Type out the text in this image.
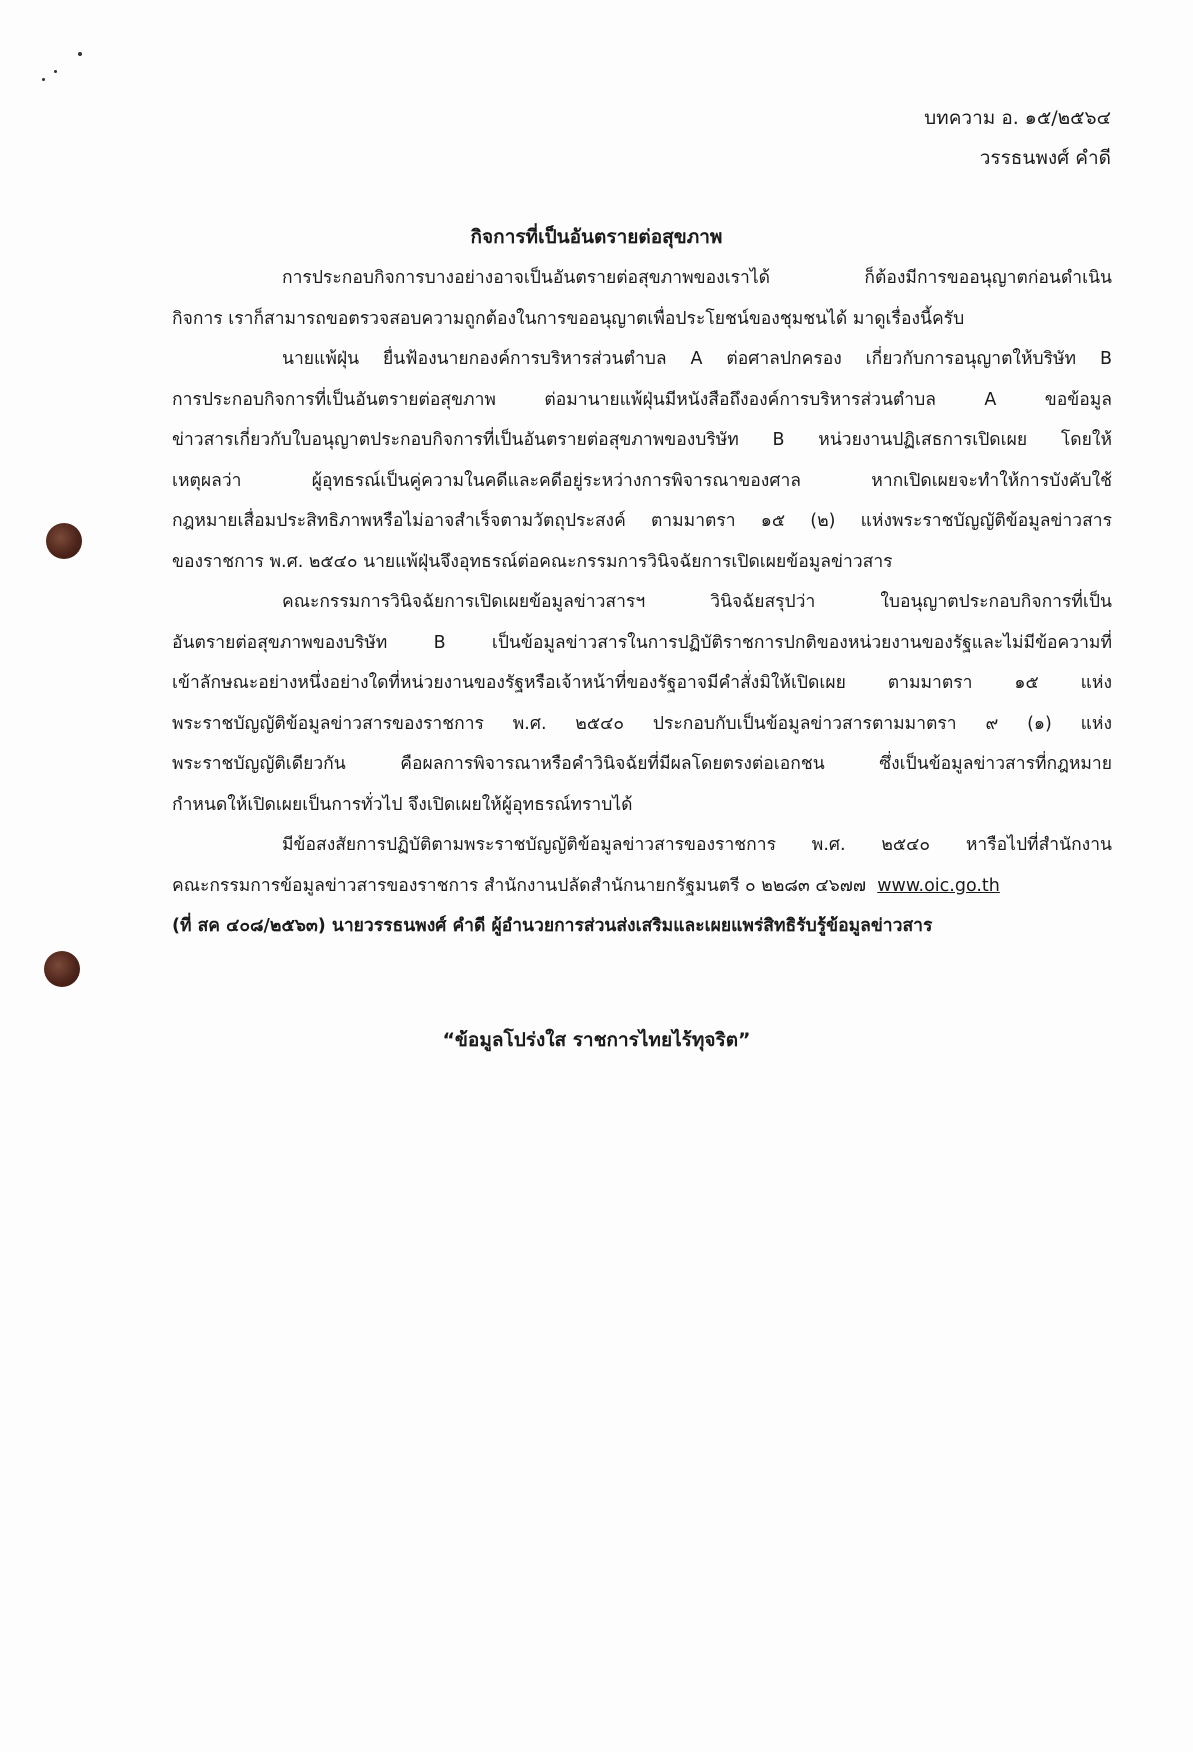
บทความ อ. ๑๕/๒๕๖๔
วรรธนพงศ์ คำดี
กิจการที่เป็นอันตรายต่อสุขภาพ
การประกอบกิจการบางอย่างอาจเป็นอันตรายต่อสุขภาพของเราได้ ก็ต้องมีการขออนุญาตก่อนดำเนิน
กิจการ เราก็สามารถขอตรวจสอบความถูกต้องในการขออนุญาตเพื่อประโยชน์ของชุมชนได้ มาดูเรื่องนี้ครับ
นายแพ้ฝุ่น ยื่นฟ้องนายกองค์การบริหารส่วนตำบล A ต่อศาลปกครอง เกี่ยวกับการอนุญาตให้บริษัท B
การประกอบกิจการที่เป็นอันตรายต่อสุขภาพ ต่อมานายแพ้ฝุ่นมีหนังสือถึงองค์การบริหารส่วนตำบล A ขอข้อมูล
ข่าวสารเกี่ยวกับใบอนุญาตประกอบกิจการที่เป็นอันตรายต่อสุขภาพของบริษัท B หน่วยงานปฏิเสธการเปิดเผย โดยให้
เหตุผลว่า ผู้อุทธรณ์เป็นคู่ความในคดีและคดีอยู่ระหว่างการพิจารณาของศาล หากเปิดเผยจะทำให้การบังคับใช้
กฎหมายเสื่อมประสิทธิภาพหรือไม่อาจสำเร็จตามวัตถุประสงค์ ตามมาตรา ๑๕ (๒) แห่งพระราชบัญญัติข้อมูลข่าวสาร
ของราชการ พ.ศ. ๒๕๔๐ นายแพ้ฝุ่นจึงอุทธรณ์ต่อคณะกรรมการวินิจฉัยการเปิดเผยข้อมูลข่าวสาร
คณะกรรมการวินิจฉัยการเปิดเผยข้อมูลข่าวสารฯ วินิจฉัยสรุปว่า ใบอนุญาตประกอบกิจการที่เป็น
อันตรายต่อสุขภาพของบริษัท B เป็นข้อมูลข่าวสารในการปฏิบัติราชการปกติของหน่วยงานของรัฐและไม่มีข้อความที่
เข้าลักษณะอย่างหนึ่งอย่างใดที่หน่วยงานของรัฐหรือเจ้าหน้าที่ของรัฐอาจมีคำสั่งมิให้เปิดเผย ตามมาตรา ๑๕ แห่ง
พระราชบัญญัติข้อมูลข่าวสารของราชการ พ.ศ. ๒๕๔๐ ประกอบกับเป็นข้อมูลข่าวสารตามมาตรา ๙ (๑) แห่ง
พระราชบัญญัติเดียวกัน คือผลการพิจารณาหรือคำวินิจฉัยที่มีผลโดยตรงต่อเอกชน ซึ่งเป็นข้อมูลข่าวสารที่กฎหมาย
กำหนดให้เปิดเผยเป็นการทั่วไป จึงเปิดเผยให้ผู้อุทธรณ์ทราบได้
มีข้อสงสัยการปฏิบัติตามพระราชบัญญัติข้อมูลข่าวสารของราชการ พ.ศ. ๒๕๔๐ หารือไปที่สำนักงาน
คณะกรรมการข้อมูลข่าวสารของราชการ สำนักงานปลัดสำนักนายกรัฐมนตรี ๐ ๒๒๘๓ ๔๖๗๗ www.oic.go.th
(ที่ สค ๔๐๘/๒๕๖๓) นายวรรธนพงศ์ คำดี ผู้อำนวยการส่วนส่งเสริมและเผยแพร่สิทธิรับรู้ข้อมูลข่าวสาร
“ข้อมูลโปร่งใส ราชการไทยไร้ทุจริต”
